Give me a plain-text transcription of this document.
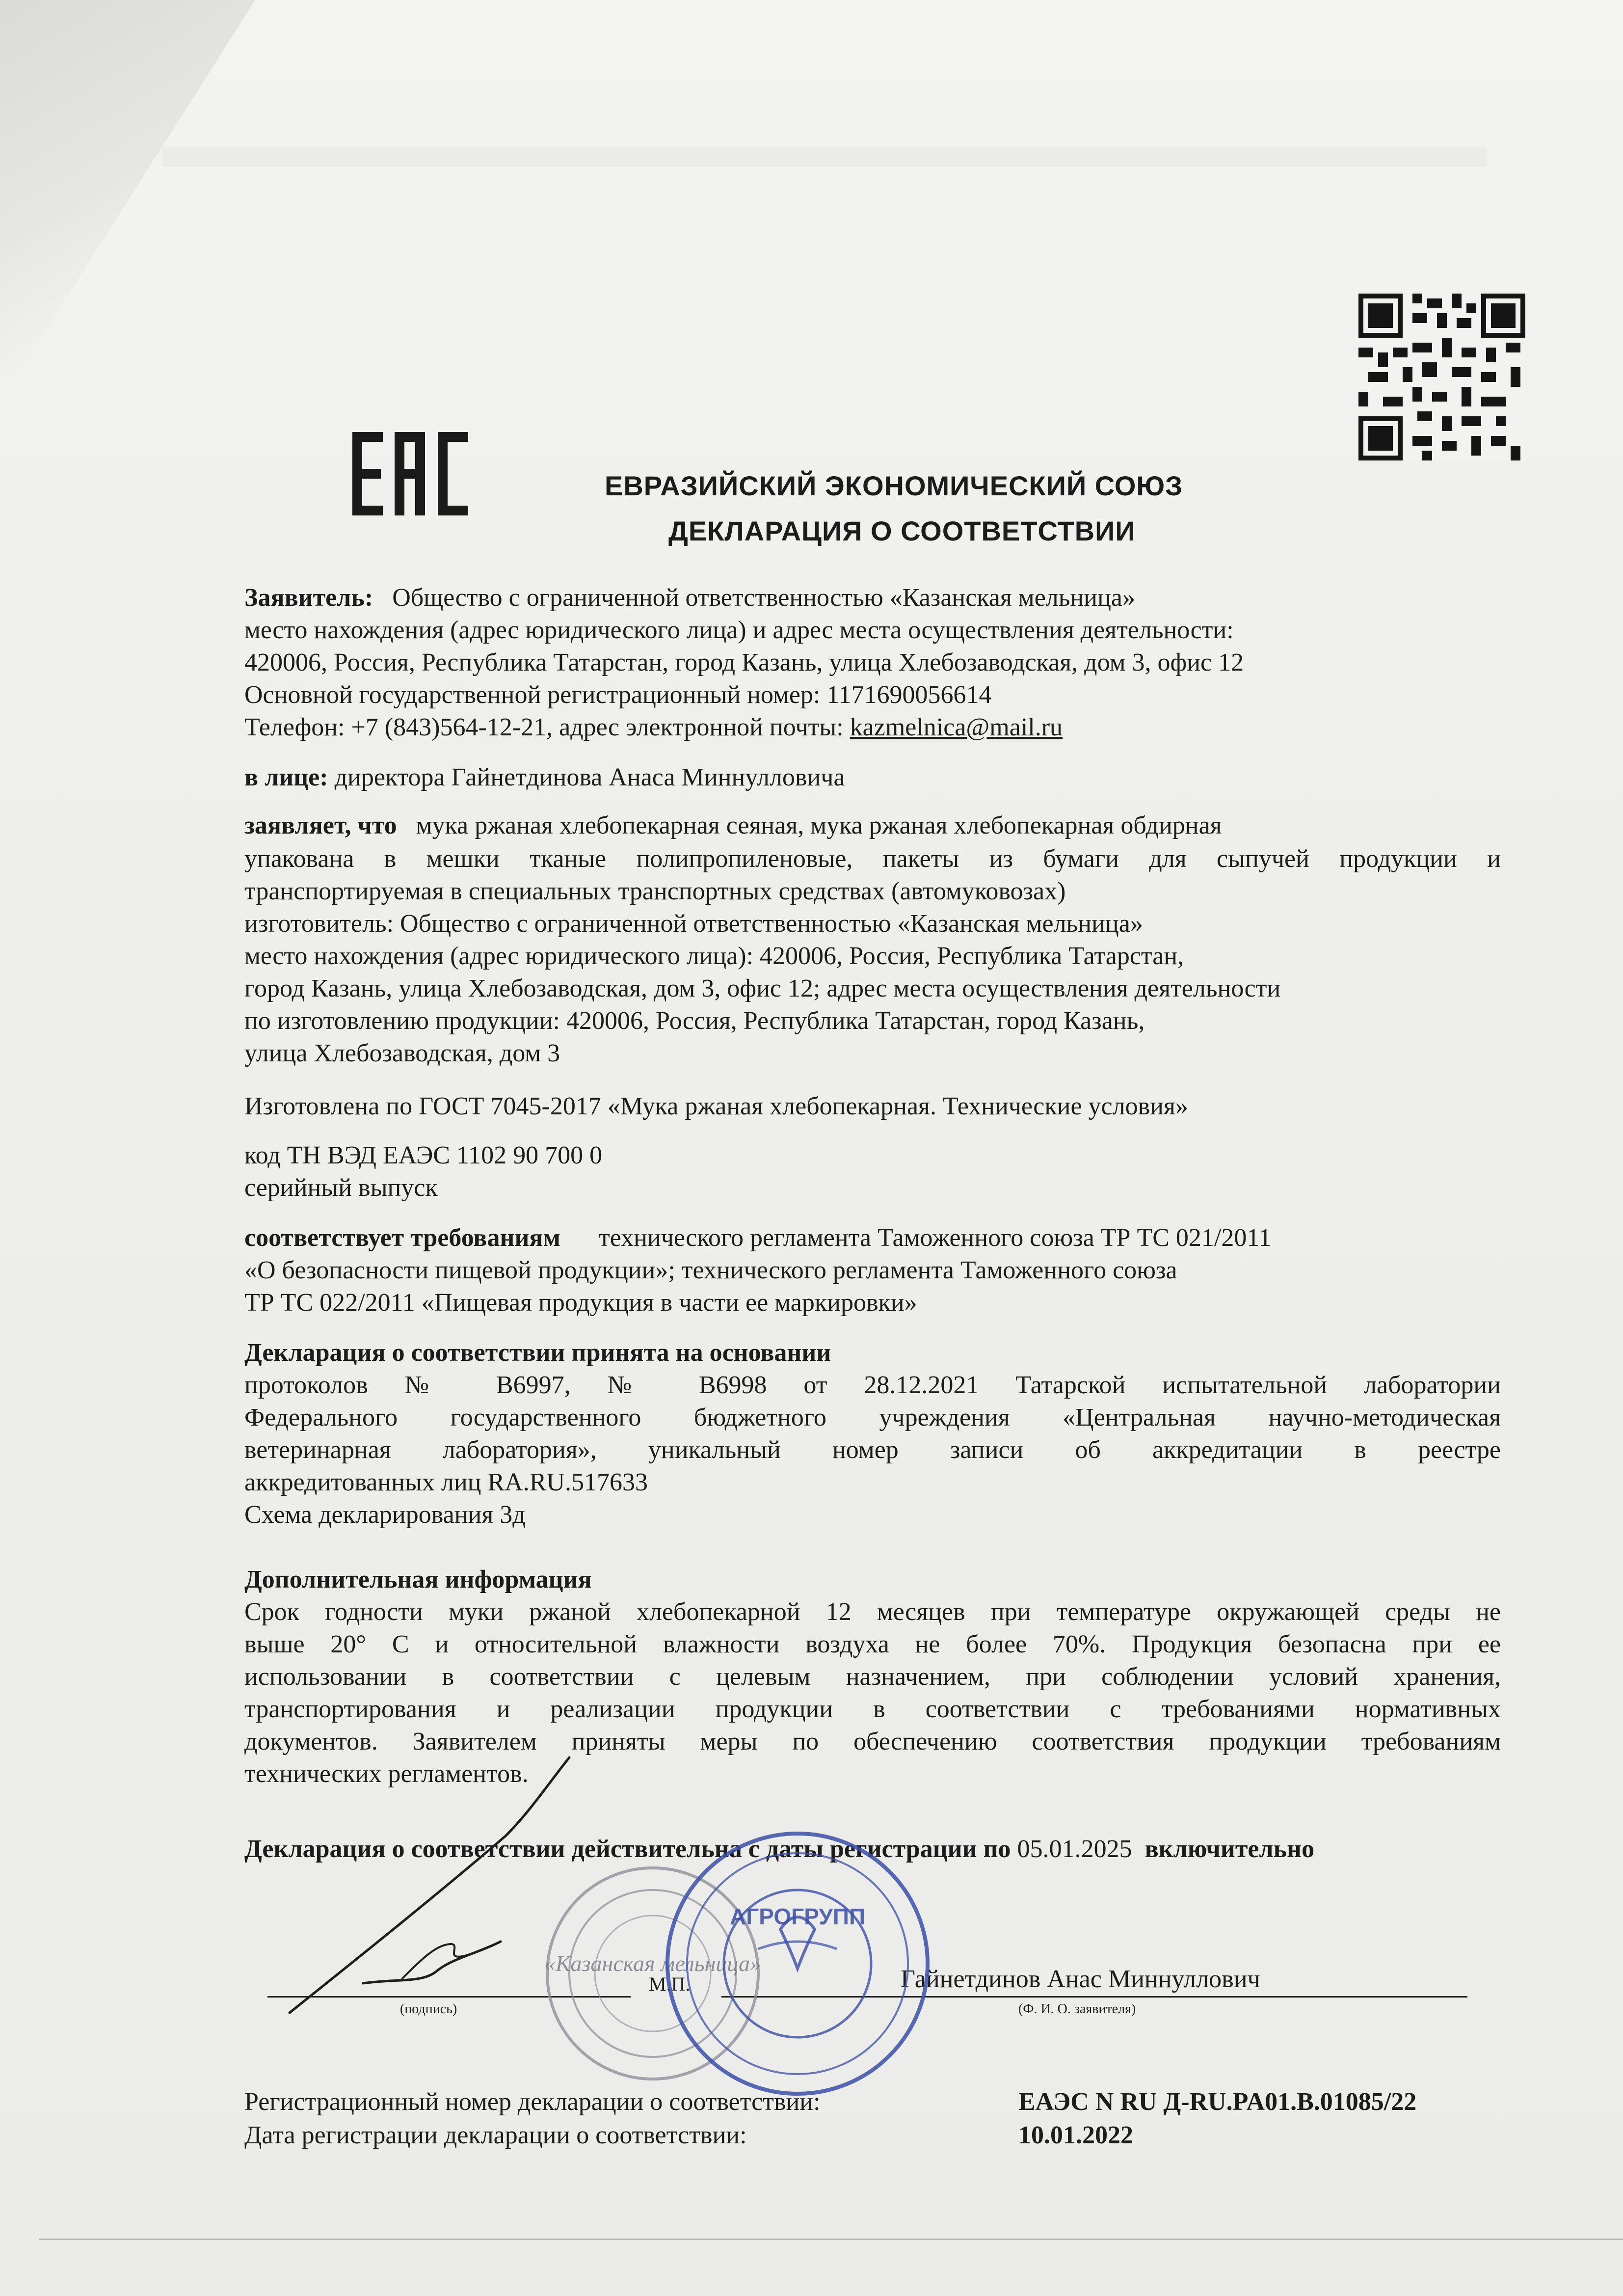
ЕВРАЗИЙСКИЙ ЭКОНОМИЧЕСКИЙ СОЮЗ
ДЕКЛАРАЦИЯ О СООТВЕТСТВИИ
Заявитель: Общество с ограниченной ответственностью «Казанская мельница»
место нахождения (адрес юридического лица) и адрес места осуществления деятельности:
420006, Россия, Республика Татарстан, город Казань, улица Хлебозаводская, дом 3, офис 12
Основной государственной регистрационный номер: 1171690056614
Телефон: +7 (843)564-12-21, адрес электронной почты: kazmelnica@mail.ru
в лице: директора Гайнетдинова Анаса Миннулловича
заявляет, что мука ржаная хлебопекарная сеяная, мука ржаная хлебопекарная обдирная
упакована в мешки тканые полипропиленовые, пакеты из бумаги для сыпучей продукции и
транспортируемая в специальных транспортных средствах (автомуковозах)
изготовитель: Общество с ограниченной ответственностью «Казанская мельница»
место нахождения (адрес юридического лица): 420006, Россия, Республика Татарстан,
город Казань, улица Хлебозаводская, дом 3, офис 12; адрес места осуществления деятельности
по изготовлению продукции: 420006, Россия, Республика Татарстан, город Казань,
улица Хлебозаводская, дом 3
Изготовлена по ГОСТ 7045-2017 «Мука ржаная хлебопекарная. Технические условия»
код ТН ВЭД ЕАЭС 1102 90 700 0
серийный выпуск
соответствует требованиям технического регламента Таможенного союза ТР ТС 021/2011
«О безопасности пищевой продукции»; технического регламента Таможенного союза
ТР ТС 022/2011 «Пищевая продукция в части ее маркировки»
Декларация о соответствии принята на основании
протоколов № В6997, № В6998 от 28.12.2021 Татарской испытательной лаборатории
Федерального государственного бюджетного учреждения «Центральная научно-методическая
ветеринарная лаборатория», уникальный номер записи об аккредитации в реестре
аккредитованных лиц RA.RU.517633
Схема декларирования 3д
Дополнительная информация
Срок годности муки ржаной хлебопекарной 12 месяцев при температуре окружающей среды не
выше 20° С и относительной влажности воздуха не более 70%. Продукция безопасна при ее
использовании в соответствии с целевым назначением, при соблюдении условий хранения,
транспортирования и реализации продукции в соответствии с требованиями нормативных
документов. Заявителем приняты меры по обеспечению соответствия продукции требованиям
технических регламентов.
Декларация о соответствии действительна с даты регистрации по 05.01.2025 включительно
М.П.	Гайнетдинов Анас Миннуллович
(подпись)	(Ф. И. О. заявителя)
«Казанская мельница»
АГРОГРУПП
Регистрационный номер декларации о соответствии:	ЕАЭС N RU Д-RU.PA01.B.01085/22
Дата регистрации декларации о соответствии:	10.01.2022
